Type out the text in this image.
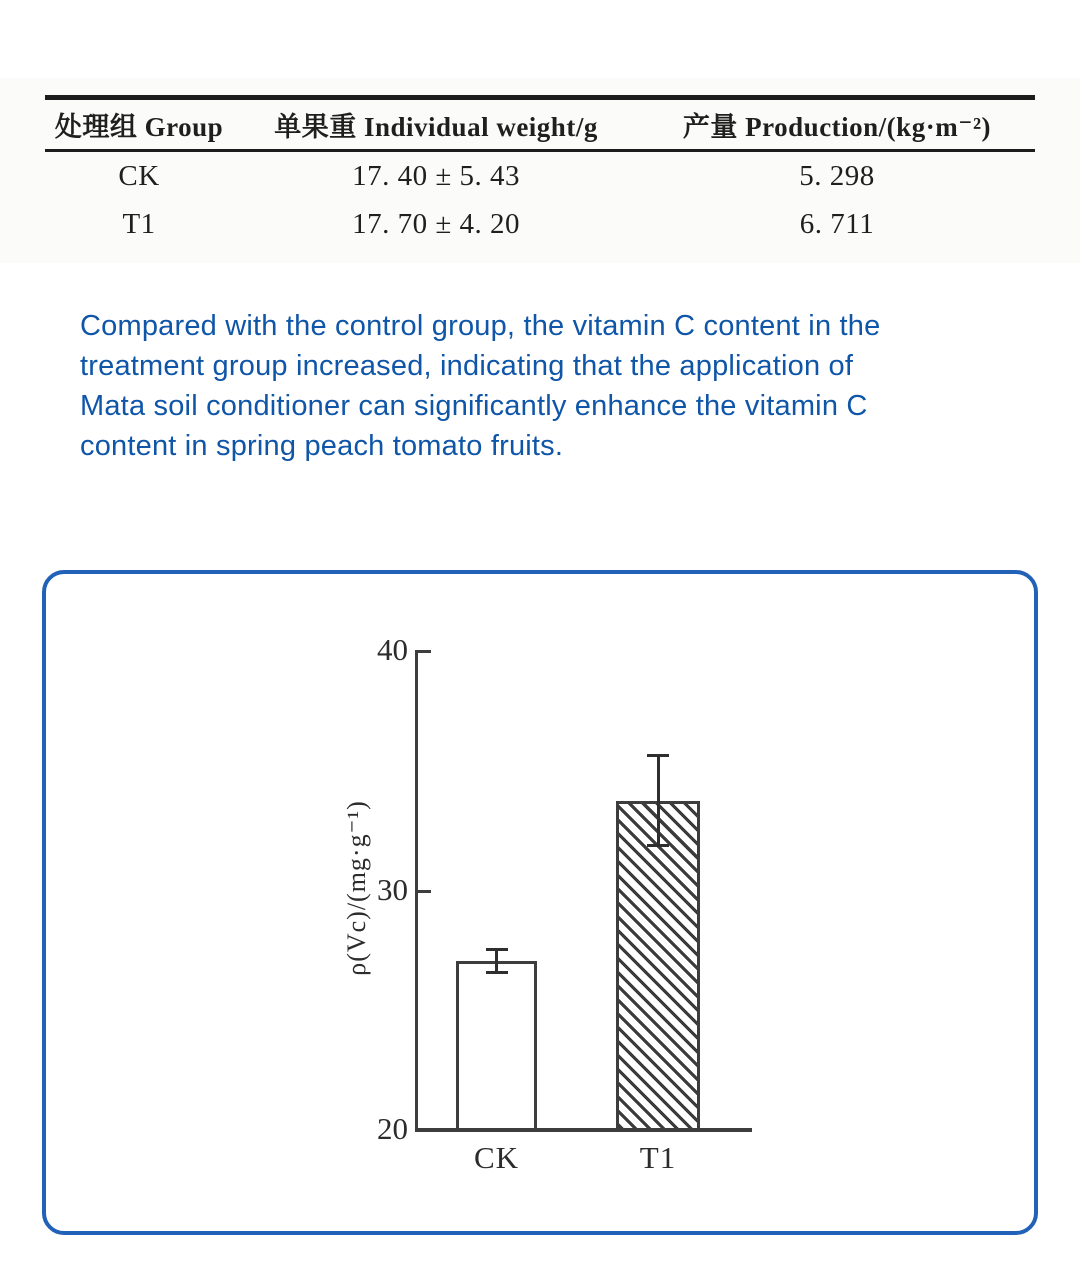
处理组 Group	单果重 Individual weight/g	产量 Production/(kg·m⁻²)
CK	17. 40 ± 5. 43	5. 298
T1	17. 70 ± 4. 20	6. 711
Compared with the control group, the vitamin C content in the
treatment group increased, indicating that the application of
Mata soil conditioner can significantly enhance the vitamin C
content in spring peach tomato fruits.
ρ(Vc)/(mg·g⁻¹)
20
30
40
CK	T1
